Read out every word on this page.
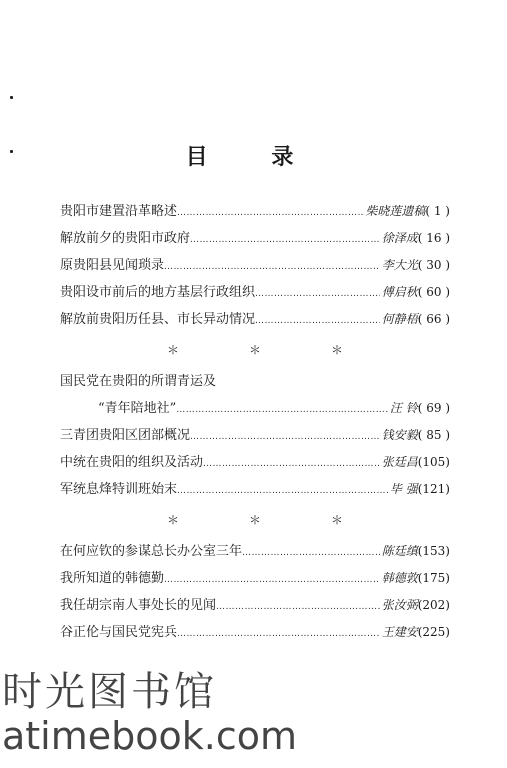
目 录
贵阳市建置沿革略述 …………………………………………………………………………………………………………………………………	柴晓莲遗稿 ( 1 )
解放前夕的贵阳市政府 …………………………………………………………………………………………………………………………………	徐泽成 ( 16 )
原贵阳县见闻琐录 …………………………………………………………………………………………………………………………………	李大光 ( 30 )
贵阳设市前后的地方基层行政组织 …………………………………………………………………………………………………………………………………	傅启秋 ( 60 )
解放前贵阳历任县、市长异动情况 …………………………………………………………………………………………………………………………………	何静梧 ( 66 )
＊	＊	＊
国民党在贵阳的所谓青运及
“青年陪地社” …………………………………………………………………………………………………………………………………	汪 铃 ( 69 )
三青团贵阳区团部概况 …………………………………………………………………………………………………………………………………	钱安毅 ( 85 )
中统在贵阳的组织及活动 …………………………………………………………………………………………………………………………………	张廷昌 (105)
军统息烽特训班始末 …………………………………………………………………………………………………………………………………	毕 强 (121)
＊	＊	＊
在何应钦的参谋总长办公室三年 …………………………………………………………………………………………………………………………………	陈廷缜 (153)
我所知道的韩德勤 …………………………………………………………………………………………………………………………………	韩德敦 (175)
我任胡宗南人事处长的见闻 …………………………………………………………………………………………………………………………………	张汝弼 (202)
谷正伦与国民党宪兵 …………………………………………………………………………………………………………………………………	王建安 (225)
时光图书馆
atimebook.com
